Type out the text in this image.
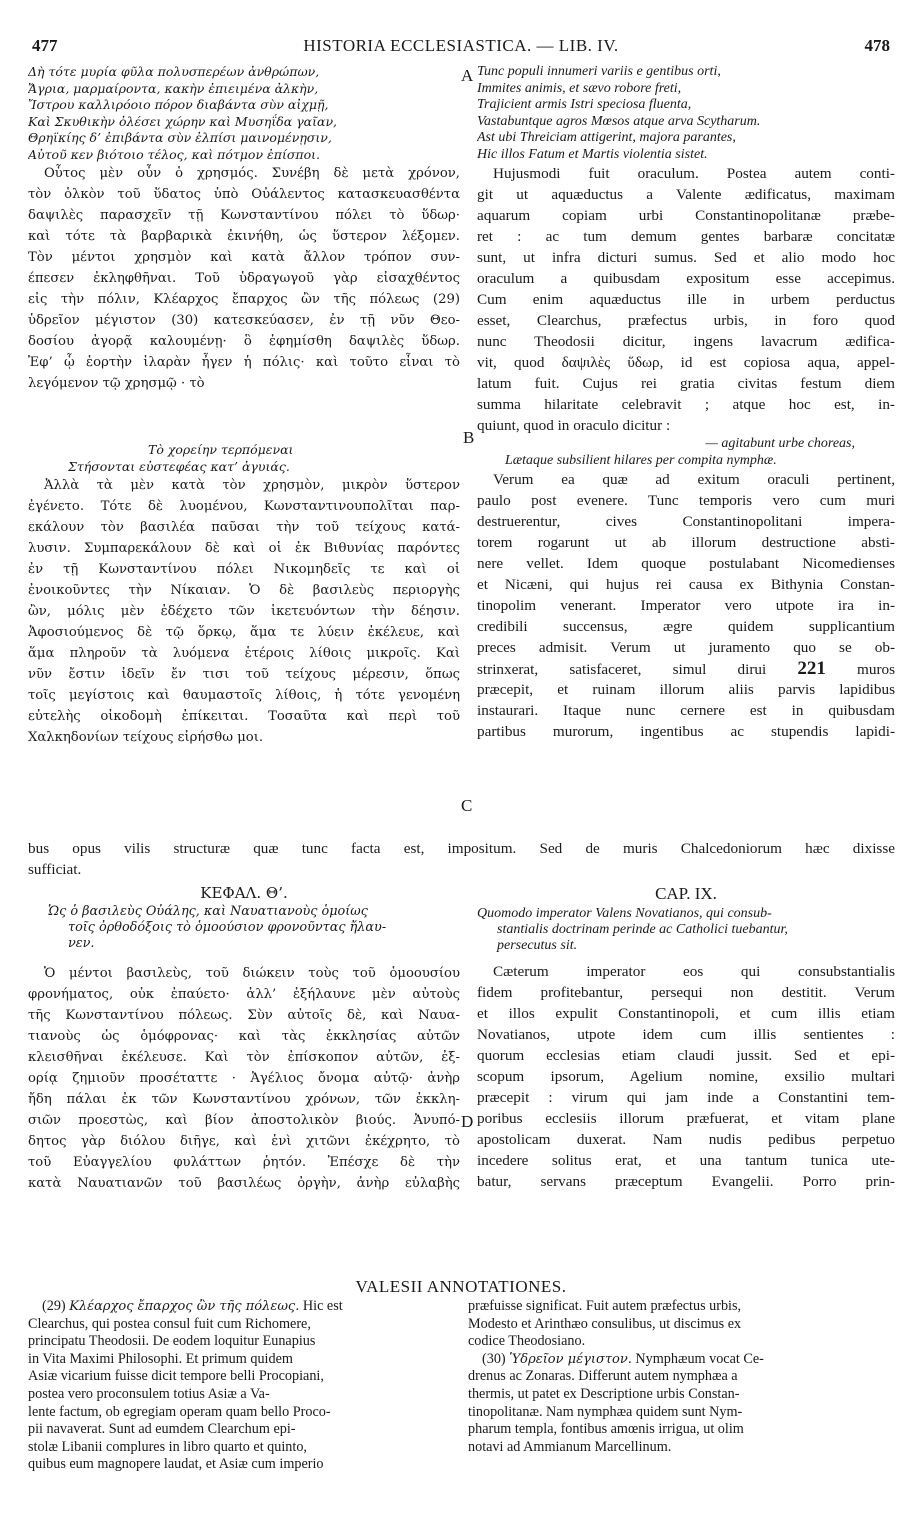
477	HISTORIA ECCLESIASTICA. — LIB. IV.	478
A
B
C
D
Δὴ τότε μυρία φῦλα πολυσπερέων ἀνθρώπων,
Ἄγρια, μαρμαίροντα, κακὴν ἐπιειμένα ἀλκὴν,
Ἴστρου καλλιρόοιο πόρον διαβάντα σὺν αἰχμῇ,
Καὶ Σκυθικὴν ὀλέσει χώρην καὶ Μυσηΐδα γαῖαν,
Θρηϊκίης δ’ ἐπιβάντα σὺν ἐλπίσι μαινομένῃσιν,
Αὐτοῦ κεν βιότοιο τέλος, καὶ πότμον ἐπίσποι.
Οὗτος μὲν οὖν ὁ χρησμός. Συνέβη δὲ μετὰ χρόνον,
τὸν ὁλκὸν τοῦ ὕδατος ὑπὸ Οὐάλεντος κατασκευασθέντα
δαψιλὲς παρασχεῖν τῇ Κωνσταντίνου πόλει τὸ ὕδωρ·
καὶ τότε τὰ βαρβαρικὰ ἐκινήθη, ὡς ὕστερον λέξομεν.
Τὸν μέντοι χρησμὸν καὶ κατὰ ἄλλον τρόπον συν-
έπεσεν ἐκληφθῆναι. Τοῦ ὑδραγωγοῦ γὰρ εἰσαχθέντος
εἰς τὴν πόλιν, Κλέαρχος ἔπαρχος ὢν τῆς πόλεως (29)
ὑδρεῖον μέγιστον (30) κατεσκεύασεν, ἐν τῇ νῦν Θεο-
δοσίου ἀγορᾷ καλουμένῃ· ὃ ἐφημίσθη δαψιλὲς ὕδωρ.
Ἐφ’ ᾧ ἑορτὴν ἱλαρὰν ἦγεν ἡ πόλις· καὶ τοῦτο εἶναι τὸ
λεγόμενον τῷ χρησμῷ · τὸ
Τὸ χορείην τερπόμεναι
Στήσονται εὐστεφέας κατ’ ἀγυιάς.
Ἀλλὰ τὰ μὲν κατὰ τὸν χρησμὸν, μικρὸν ὕστερον
ἐγένετο. Τότε δὲ λυομένου, Κωνσταντινουπολῖται παρ-
εκάλουν τὸν βασιλέα παῦσαι τὴν τοῦ τείχους κατά-
λυσιν. Συμπαρεκάλουν δὲ καὶ οἱ ἐκ Βιθυνίας παρόντες
ἐν τῇ Κωνσταντίνου πόλει Νικομηδεῖς τε καὶ οἱ
ἐνοικοῦντες τὴν Νίκαιαν. Ὁ δὲ βασιλεὺς περιοργὴς
ὢν, μόλις μὲν ἐδέχετο τῶν ἱκετευόντων τὴν δέησιν.
Ἀφοσιούμενος δὲ τῷ ὅρκῳ, ἅμα τε λύειν ἐκέλευε, καὶ
ἅμα πληροῦν τὰ λυόμενα ἑτέροις λίθοις μικροῖς. Καὶ
νῦν ἔστιν ἰδεῖν ἔν τισι τοῦ τείχους μέρεσιν, ὅπως
τοῖς μεγίστοις καὶ θαυμαστοῖς λίθοις, ἡ τότε γενομένη
εὐτελὴς οἰκοδομὴ ἐπίκειται. Τοσαῦτα καὶ περὶ τοῦ
Χαλκηδονίων τείχους εἰρήσθω μοι.
Tunc populi innumeri variis e gentibus orti,
Immites animis, et sævo robore freti,
Trajicient armis Istri speciosa fluenta,
Vastabuntque agros Mœsos atque arva Scytharum.
Ast ubi Threiciam attigerint, majora parantes,
Hic illos Fatum et Martis violentia sistet.
Hujusmodi fuit oraculum. Postea autem conti-
git ut aquæductus a Valente ædificatus, maximam
aquarum copiam urbi Constantinopolitanæ præbe-
ret : ac tum demum gentes barbaræ concitatæ
sunt, ut infra dicturi sumus. Sed et alio modo hoc
oraculum a quibusdam expositum esse accepimus.
Cum enim aquæductus ille in urbem perductus
esset, Clearchus, præfectus urbis, in foro quod
nunc Theodosii dicitur, ingens lavacrum ædifica-
vit, quod δαψιλὲς ὕδωρ, id est copiosa aqua, appel-
latum fuit. Cujus rei gratia civitas festum diem
summa hilaritate celebravit ; atque hoc est, in-
quiunt, quod in oraculo dicitur :
— agitabunt urbe choreas,
Lætaque subsilient hilares per compita nymphæ.
Verum ea quæ ad exitum oraculi pertinent,
paulo post evenere. Tunc temporis vero cum muri
destruerentur, cives Constantinopolitani impera-
torem rogarunt ut ab illorum destructione absti-
nere vellet. Idem quoque postulabant Nicomedienses
et Nicæni, qui hujus rei causa ex Bithynia Constan-
tinopolim venerant. Imperator vero utpote ira in-
credibili succensus, ægre quidem supplicantium
preces admisit. Verum ut juramento quo se ob-
strinxerat, satisfaceret, simul dirui 221 muros
præcepit, et ruinam illorum aliis parvis lapidibus
instaurari. Itaque nunc cernere est in quibusdam
partibus murorum, ingentibus ac stupendis lapidi-
bus opus vilis structuræ quæ tunc facta est, impositum. Sed de muris Chalcedoniorum hæc dixisse
sufficiat.
ΚΕΦΑΛ. Θ’.	CAP. IX.
Ὡς ὁ βασιλεὺς Οὐάλης, καὶ Ναυατιανοὺς ὁμοίως
τοῖς ὀρθοδόξοις τὸ ὁμοούσιον φρονοῦντας ἤλαυ-
νεν.
Quomodo imperator Valens Novatianos, qui consub-
stantialis doctrinam perinde ac Catholici tuebantur,
persecutus sit.
Ὁ μέντοι βασιλεὺς, τοῦ διώκειν τοὺς τοῦ ὁμοουσίου
φρονήματος, οὐκ ἐπαύετο· ἀλλ’ ἐξήλαυνε μὲν αὐτοὺς
τῆς Κωνσταντίνου πόλεως. Σὺν αὐτοῖς δὲ, καὶ Ναυα-
τιανοὺς ὡς ὁμόφρονας· καὶ τὰς ἐκκλησίας αὐτῶν
κλεισθῆναι ἐκέλευσε. Καὶ τὸν ἐπίσκοπον αὐτῶν, ἐξ-
ορίᾳ ζημιοῦν προσέταττε · Ἀγέλιος ὄνομα αὐτῷ· ἀνὴρ
ἤδη πάλαι ἐκ τῶν Κωνσταντίνου χρόνων, τῶν ἐκκλη-
σιῶν προεστὼς, καὶ βίον ἀποστολικὸν βιούς. Ἀνυπό-
δητος γὰρ διόλου διῆγε, καὶ ἑνὶ χιτῶνι ἐκέχρητο, τὸ
τοῦ Εὐαγγελίου φυλάττων ῥητόν. Ἐπέσχε δὲ τὴν
κατὰ Ναυατιανῶν τοῦ βασιλέως ὀργὴν, ἀνὴρ εὐλαβὴς
Cæterum imperator eos qui consubstantialis
fidem profitebantur, persequi non destitit. Verum
et illos expulit Constantinopoli, et cum illis etiam
Novatianos, utpote idem cum illis sentientes :
quorum ecclesias etiam claudi jussit. Sed et epi-
scopum ipsorum, Agelium nomine, exsilio multari
præcepit : virum qui jam inde a Constantini tem-
poribus ecclesiis illorum præfuerat, et vitam plane
apostolicam duxerat. Nam nudis pedibus perpetuo
incedere solitus erat, et una tantum tunica ute-
batur, servans præceptum Evangelii. Porro prin-
VALESII ANNOTATIONES.
(29) Κλέαρχος ἔπαρχος ὢν τῆς πόλεως. Hic est
Clearchus, qui postea consul fuit cum Richomere,
principatu Theodosii. De eodem loquitur Eunapius
in Vita Maximi Philosophi. Et primum quidem
Asiæ vicarium fuisse dicit tempore belli Procopiani,
postea vero proconsulem totius Asiæ a Va-
lente factum, ob egregiam operam quam bello Proco-
pii navaverat. Sunt ad eumdem Clearchum epi-
stolæ Libanii complures in libro quarto et quinto,
quibus eum magnopere laudat, et Asiæ cum imperio
præfuisse significat. Fuit autem præfectus urbis,
Modesto et Arinthæo consulibus, ut discimus ex
codice Theodosiano.
(30) Ὑδρεῖον μέγιστον. Nymphæum vocat Ce-
drenus ac Zonaras. Differunt autem nymphæa a
thermis, ut patet ex Descriptione urbis Constan-
tinopolitanæ. Nam nymphæa quidem sunt Nym-
pharum templa, fontibus amœnis irrigua, ut olim
notavi ad Ammianum Marcellinum.
